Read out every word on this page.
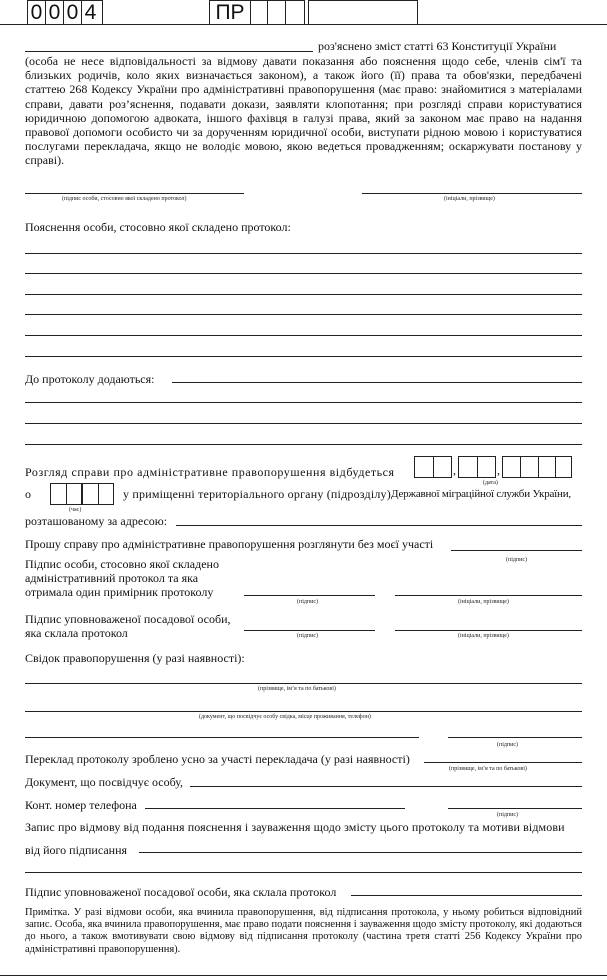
0 0 0 4	ПР
роз'яснено зміст статті 63 Конституції України
(особа не несе відповідальності за відмову давати показання або пояснення щодо себе, членів сім'ї та близьких родичів, коло яких визначається законом), а також його (її) права та обов'язки, передбачені статтею 268 Кодексу України про адміністративні правопорушення (має право: знайомитися з матеріалами справи, давати роз’яснення, подавати докази, заявляти клопотання; при розгляді справи користуватися юридичною допомогою адвоката, іншого фахівця в галузі права, який за законом має право на надання правової допомоги особисто чи за дорученням юридичної особи, виступати рідною мовою і користуватися послугами перекладача, якщо не володіє мовою, якою ведеться провадженням; оскаржувати постанову у справі).
(підпис особи, стосовно якої складено протокол)	(ініціали, прізвище)
Пояснення особи, стосовно якої складено протокол:
До протоколу додаються:
Розгляд справи про адміністративне правопорушення відбудеться	,	,
(дата)
о
(час)
у приміщенні територіального органу (підрозділу) Державної міграційної служби України,
розташованому за адресою:
Прошу справу про адміністративне правопорушення розглянути без моєї участі
(підпис)
Підпис особи, стосовно якої складено
адміністративний протокол та яка
отримала один примірник протоколу
(підпис)	(ініціали, прізвище)
Підпис уповноваженої посадової особи,
яка склала протокол	(підпис)	(ініціали, прізвище)
Свідок правопорушення (у разі наявності):
(прізвище, ім’я та по батькові)
(документ, що посвідчує особу свідка, місце проживання, телефон)
(підпис)
Переклад протоколу зроблено усно за участі перекладача (у разі наявності)
(прізвище, ім’я та по батькові)
Документ, що посвідчує особу,
Конт. номер телефона
(підпис)
Запис про відмову від подання пояснення і зауваження щодо змісту цього протоколу та мотиви відмови
від його підписання
Підпис уповноваженої посадової особи, яка склала протокол
Примітка. У разі відмови особи, яка вчинила правопорушення, від підписання протокола, у ньому робиться відповідний запис. Особа, яка вчинила правопорушення, має право подати пояснення і зауваження щодо змісту протоколу, які додаються до нього, а також вмотивувати свою відмову від підписання протоколу (частина третя статті 256 Кодексу України про адміністративні правопорушення).
